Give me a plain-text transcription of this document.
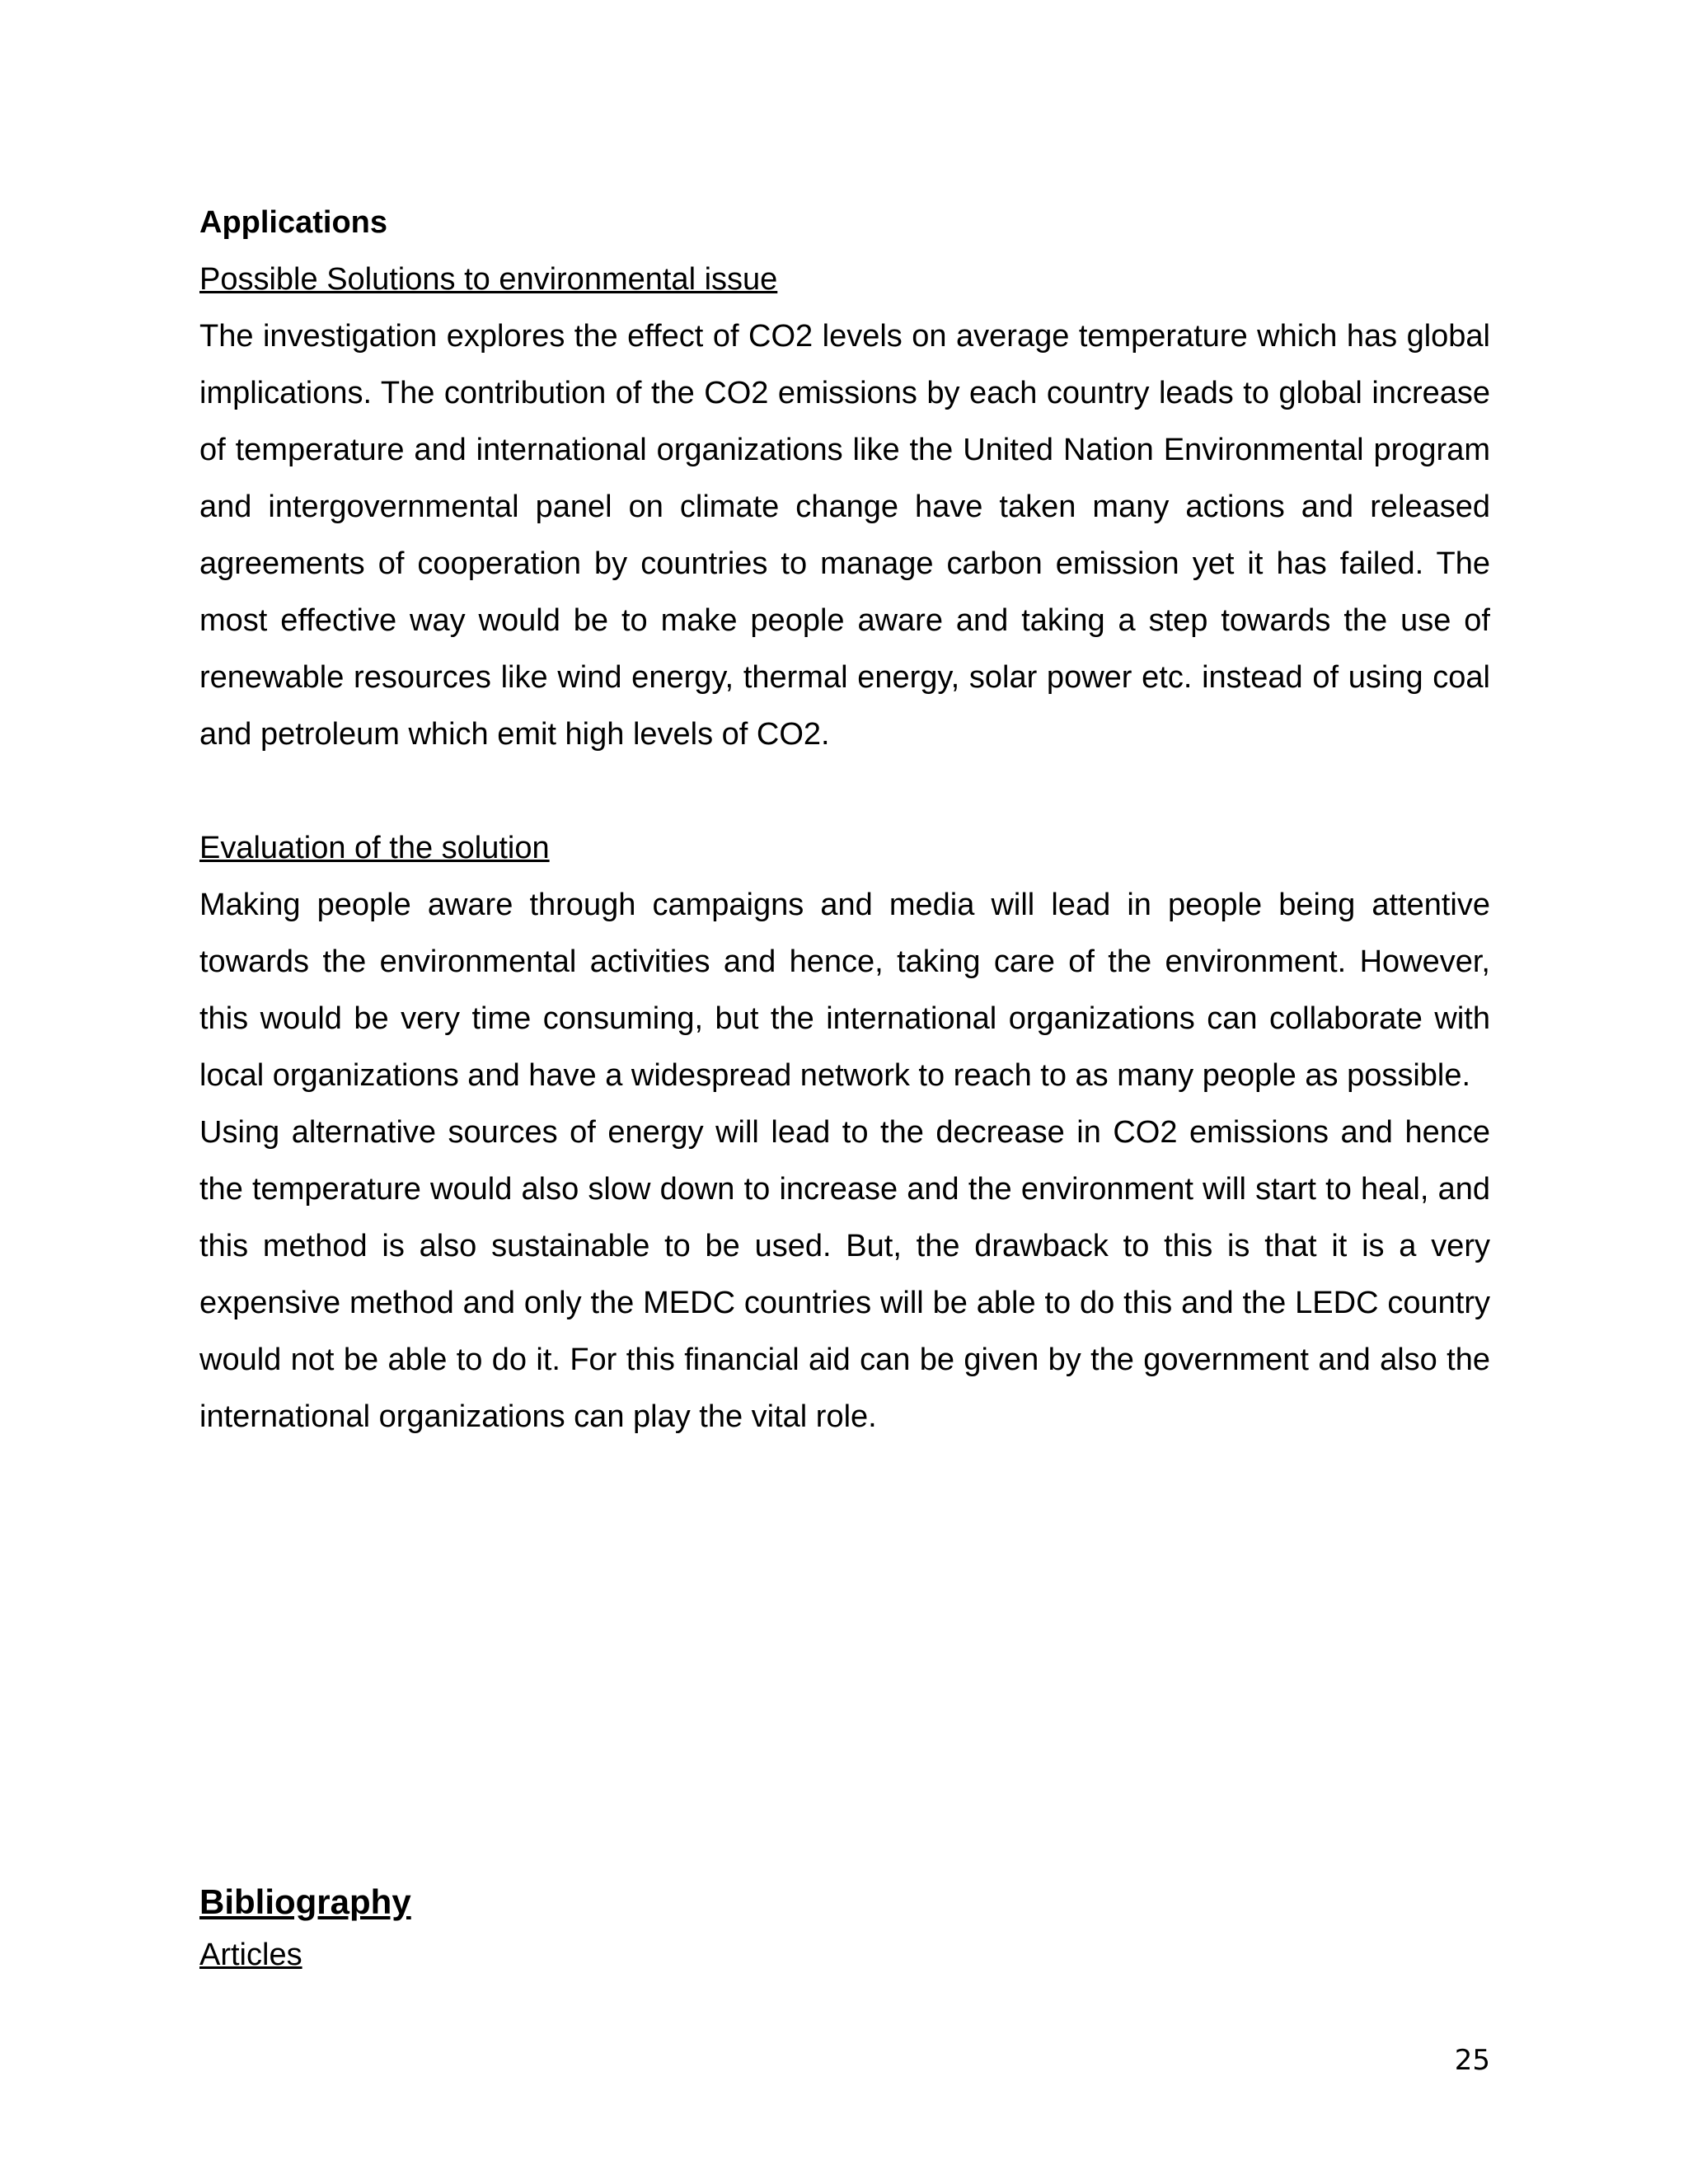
Applications

Possible Solutions to environmental issue

The investigation explores the effect of CO2 levels on average temperature which has global implications. The contribution of the CO2 emissions by each country leads to global increase of temperature and international organizations like the United Nation Environmental program and intergovernmental panel on climate change have taken many actions and released agreements of cooperation by countries to manage carbon emission yet it has failed. The most effective way would be to make people aware and taking a step towards the use of renewable resources like wind energy, thermal energy, solar power etc. instead of using coal and petroleum which emit high levels of CO2.

Evaluation of the solution

Making people aware through campaigns and media will lead in people being attentive towards the environmental activities and hence, taking care of the environment. However, this would be very time consuming, but the international organizations can collaborate with local organizations and have a widespread network to reach to as many people as possible.

Using alternative sources of energy will lead to the decrease in CO2 emissions and hence the temperature would also slow down to increase and the environment will start to heal, and this method is also sustainable to be used. But, the drawback to this is that it is a very expensive method and only the MEDC countries will be able to do this and the LEDC country would not be able to do it. For this financial aid can be given by the government and also the international organizations can play the vital role.

Bibliography

Articles

25
